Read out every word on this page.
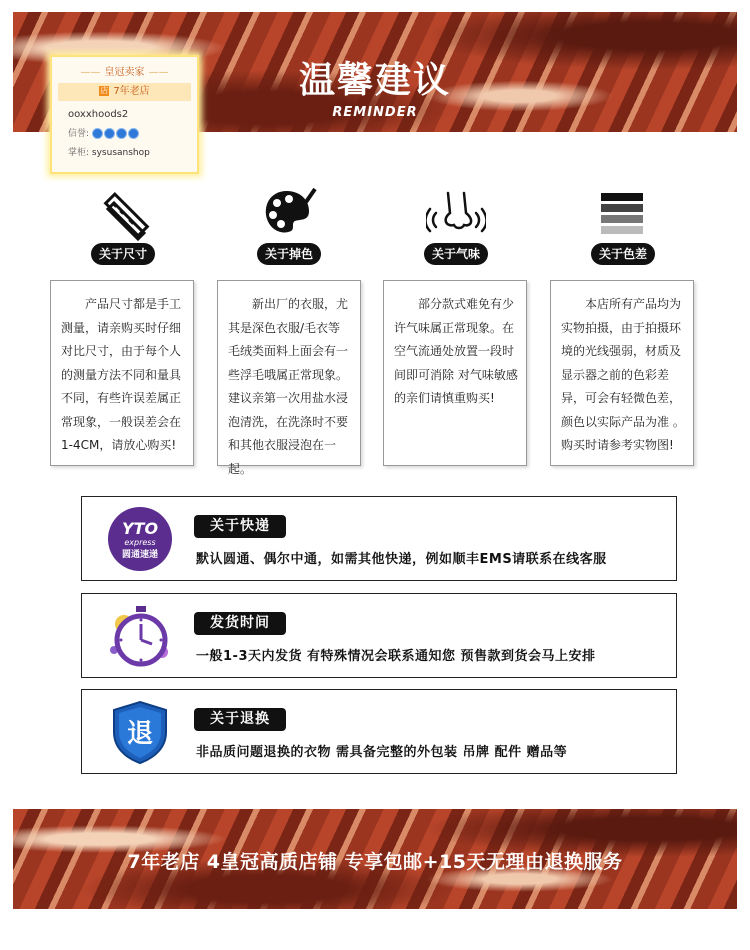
温馨建议
REMINDER
—— 皇冠卖家 ——
店 7年老店
ooxxhoods2
信誉:
掌柜: sysusanshop
关于尺寸	关于掉色	关于气味	关于色差
产品尺寸都是手工测量，请亲购买时仔细对比尺寸，由于每个人的测量方法不同和量具不同，有些许误差属正常现象，一般误差会在1-4CM，请放心购买!
新出厂的衣服，尤其是深色衣服/毛衣等毛绒类面料上面会有一些浮毛哦属正常现象。建议亲第一次用盐水浸泡清洗，在洗涤时不要和其他衣服浸泡在一起。
部分款式难免有少许气味属正常现象。在空气流通处放置一段时间即可消除 对气味敏感的亲们请慎重购买!
本店所有产品均为实物拍摄，由于拍摄环境的光线强弱，材质及显示器之前的色彩差异，可会有轻微色差，颜色以实际产品为准 。购买时请参考实物图!
YTO
express
圆通速递
关于快递
默认圆通、偶尔中通，如需其他快递，例如顺丰EMS请联系在线客服
发货时间
一般1-3天内发货 有特殊情况会联系通知您 预售款到货会马上安排
退	关于退换
非品质问题退换的衣物 需具备完整的外包装 吊牌 配件 赠品等
7年老店 4皇冠高质店铺 专享包邮+15天无理由退换服务
